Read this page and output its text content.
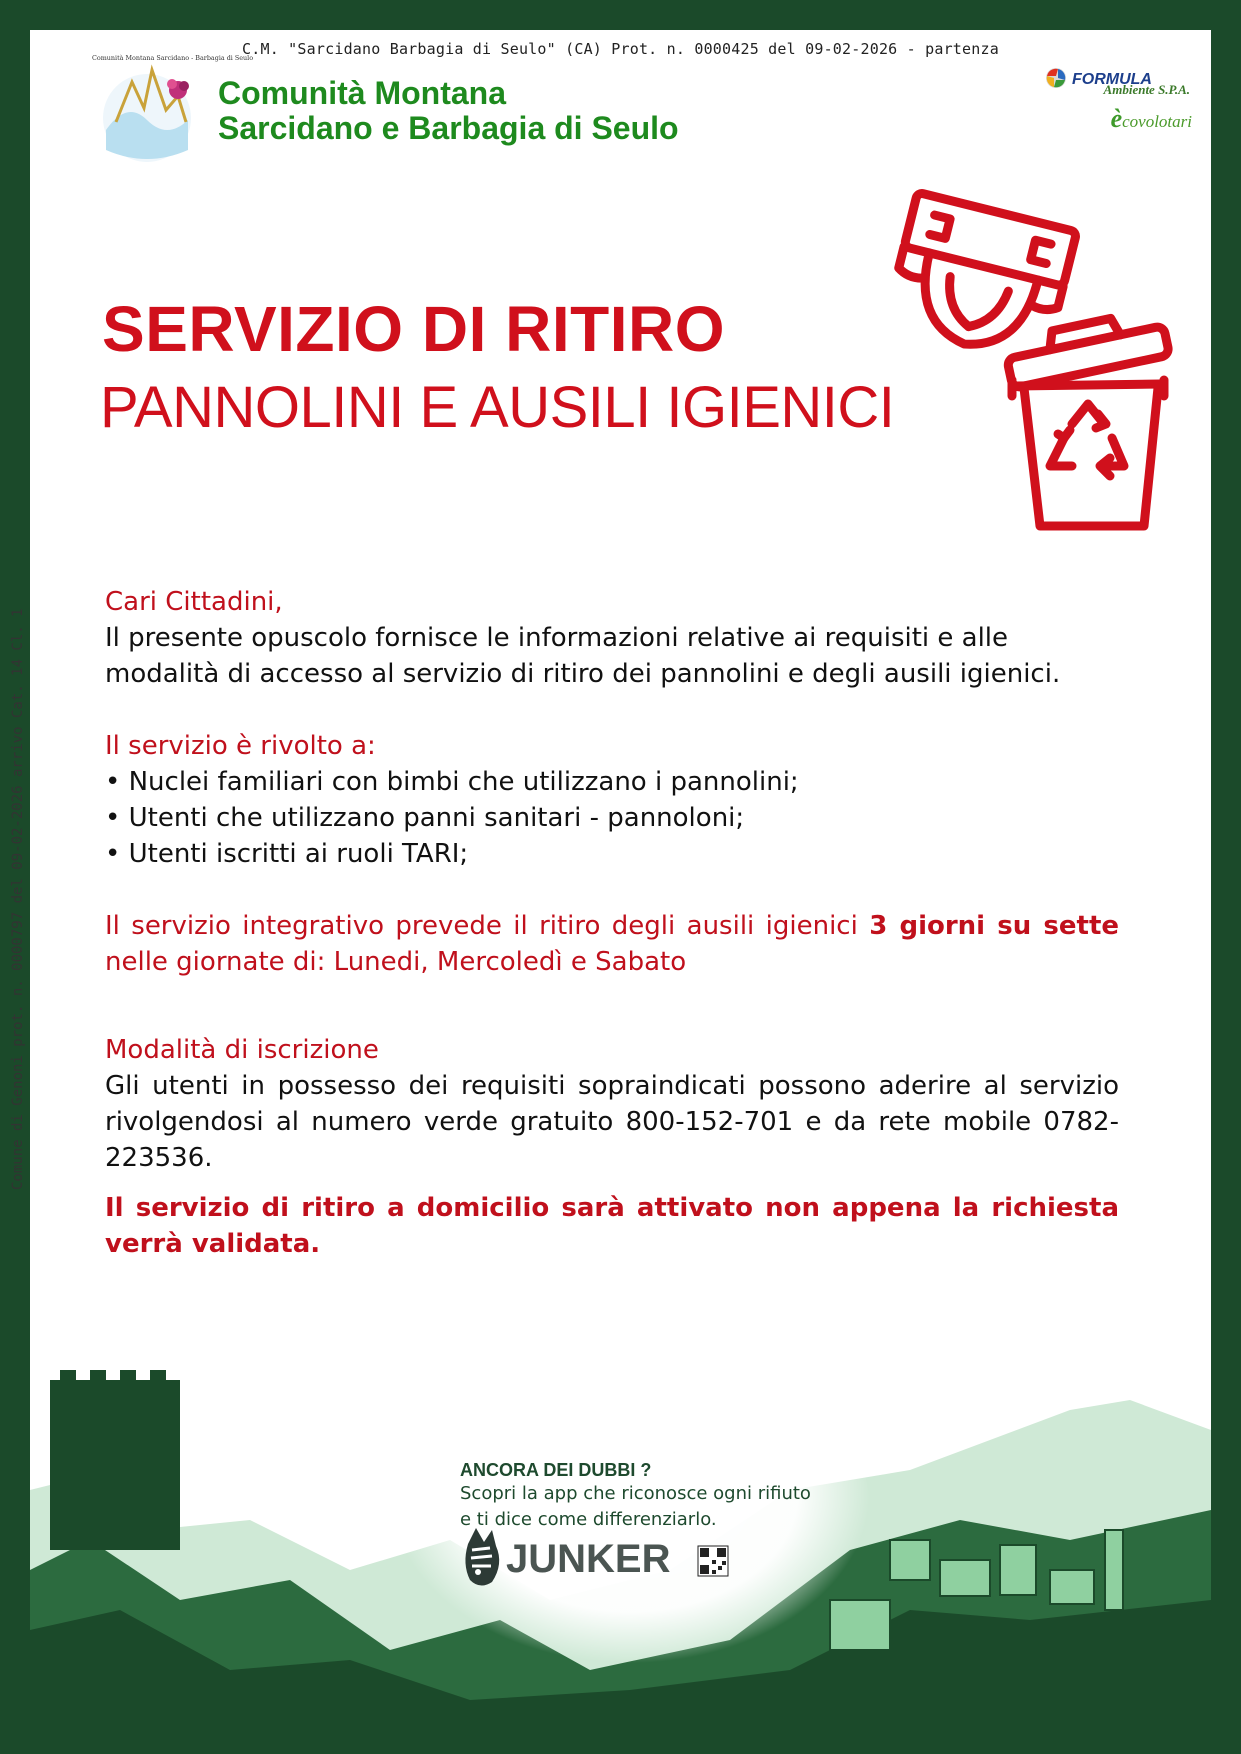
C.M. "Sarcidano Barbagia di Seulo" (CA) Prot. n. 0000425 del 09-02-2026 - partenza
Comunità Montana Sarcidano - Barbagia di Seulo
Comunità Montana
Sarcidano e Barbagia di Seulo
FORMULA
Ambiente S.P.A.
ècovolotari
SERVIZIO DI RITIRO
PANNOLINI E AUSILI IGIENICI
Cari Cittadini,
Il presente opuscolo fornisce le informazioni relative ai requisiti e alle modalità di accesso al servizio di ritiro dei pannolini e degli ausili igienici.
Il servizio è rivolto a:
• Nuclei familiari con bimbi che utilizzano i pannolini;
• Utenti che utilizzano panni sanitari - pannoloni;
• Utenti iscritti ai ruoli TARI;
Il servizio integrativo prevede il ritiro degli ausili igienici 3 giorni su sette nelle giornate di: Lunedi, Mercoledì e Sabato
Modalità di iscrizione
Gli utenti in possesso dei requisiti sopraindicati possono aderire al servizio rivolgendosi al numero verde gratuito 800-152-701 e da rete mobile 0782-223536.
Il servizio di ritiro a domicilio sarà attivato non appena la richiesta verrà validata.
ANCORA DEI DUBBI ?
Scopri la app che riconosce ogni rifiuto
e ti dice come differenziarlo.
JUNKER
Comune di Genoni prot. n. 0000797 del 09-02-2026 arrivo Cat. 14 Cl. 1
